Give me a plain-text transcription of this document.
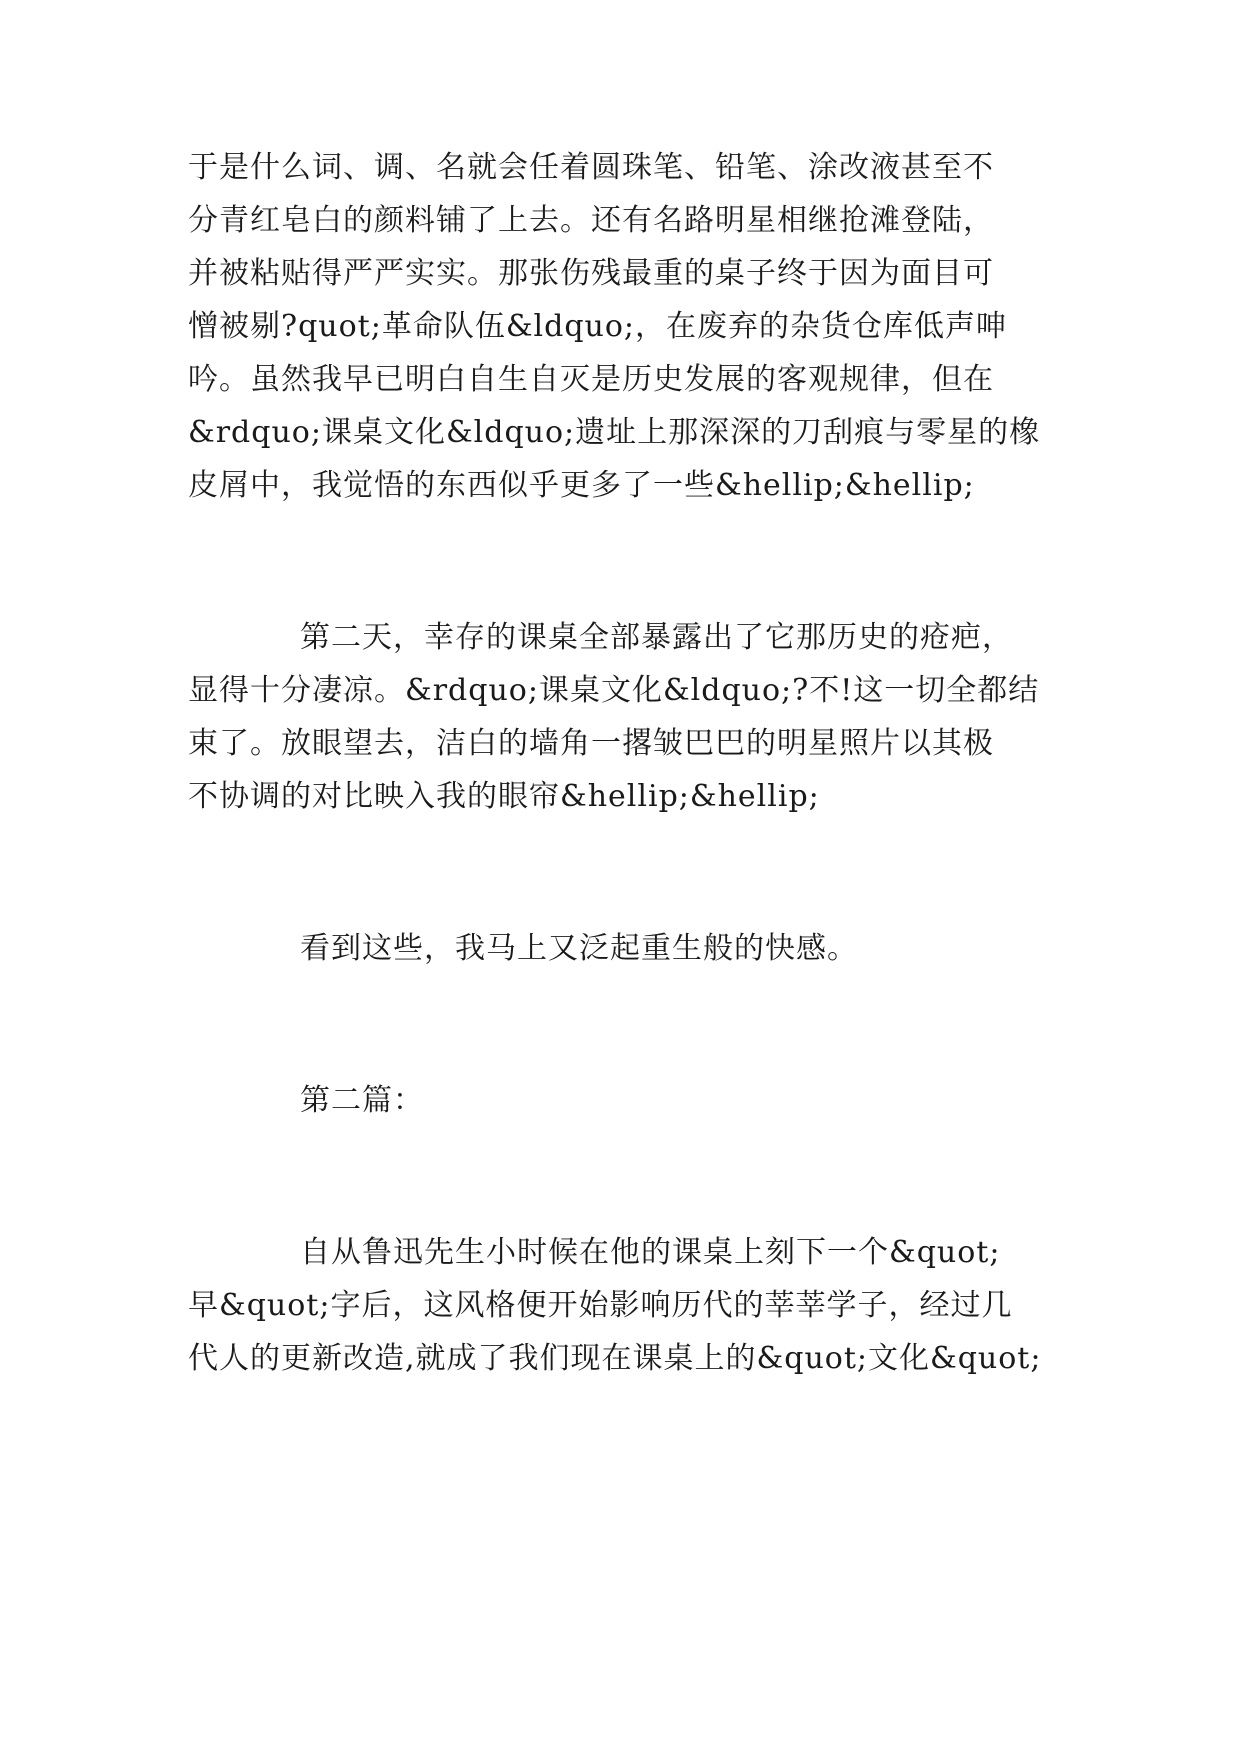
于是什么词、调、名就会任着圆珠笔、铅笔、涂改液甚至不
分青红皂白的颜料铺了上去。还有名路明星相继抢滩登陆，
并被粘贴得严严实实。那张伤残最重的桌子终于因为面目可
憎被剔?quot;革命队伍&ldquo;，在废弃的杂货仓库低声呻
吟。虽然我早已明白自生自灭是历史发展的客观规律，但在
&rdquo;课桌文化&ldquo;遗址上那深深的刀刮痕与零星的橡
皮屑中，我觉悟的东西似乎更多了一些&hellip;&hellip;
第二天，幸存的课桌全部暴露出了它那历史的疮疤，
显得十分凄凉。&rdquo;课桌文化&ldquo;?不!这一切全都结
束了。放眼望去，洁白的墙角一撂皱巴巴的明星照片以其极
不协调的对比映入我的眼帘&hellip;&hellip;
看到这些，我马上又泛起重生般的快感。
第二篇：
自从鲁迅先生小时候在他的课桌上刻下一个&quot;
早&quot;字后，这风格便开始影响历代的莘莘学子，经过几
代人的更新改造,就成了我们现在课桌上的&quot;文化&quot;
